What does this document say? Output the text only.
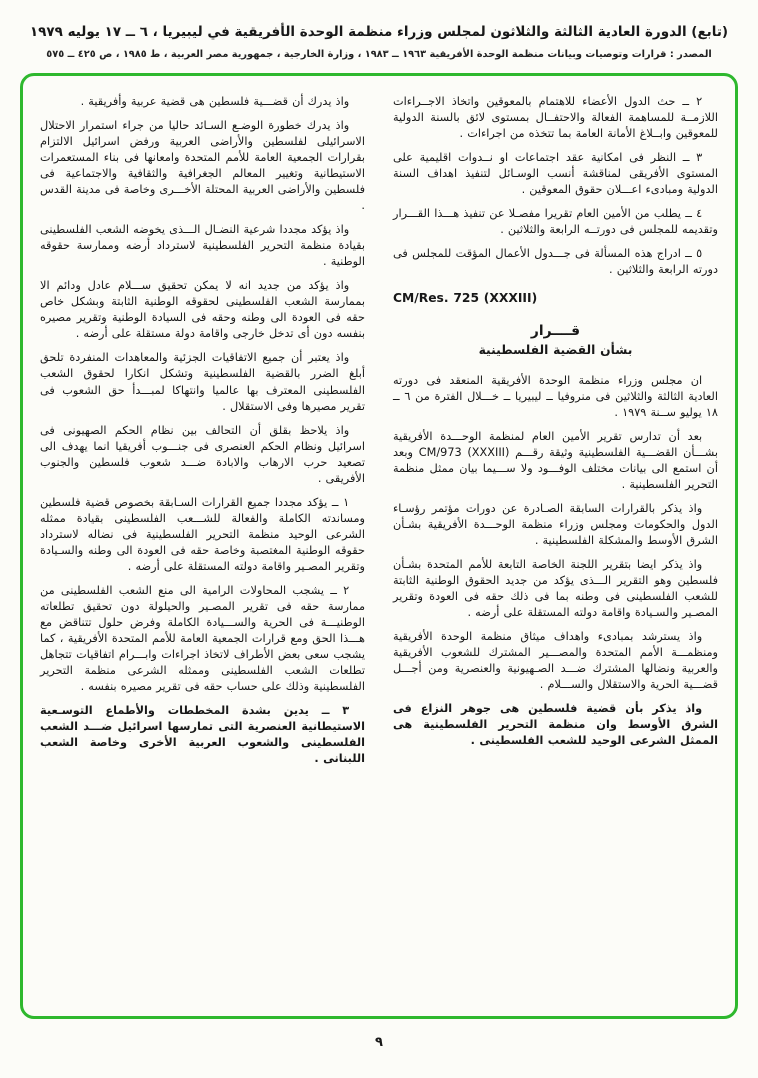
(تابع) الدورة العادية الثالثة والثلاثون لمجلس وزراء منظمة الوحدة الأفريقية في ليبيريا ، ٦ ــ ١٧ يوليه ١٩٧٩
المصدر : قرارات وتوصيات وبيانات منظمة الوحدة الأفريقية ١٩٦٣ ــ ١٩٨٣ ، وزارة الخارجية ، جمهورية مصر العربية ، ط ١٩٨٥ ، ص ٤٢٥ ــ ٥٧٥

٢ ــ حث الدول الأعضاء للاهتمام بالمعوقين واتخاذ الاجــراءات اللازمــة للمساهمة الفعالة والاحتفــال بمستوى لائق بالسنة الدولية للمعوقين وابــلاغ الأمانة العامة بما تتخذه من اجراءات .

٣ ــ النظر فى امكانية عقد اجتماعات او نــدوات اقليمية على المستوى الأفريقى لمناقشة أنسب الوسـائل لتنفيذ اهداف السنة الدولية ومبادىء اعـــلان حقوق المعوقين .

٤ ــ يطلب من الأمين العام تقريرا مفصـلا عن تنفيذ هـــذا القـــرار وتقديمه للمجلس فى دورتــه الرابعة والثلاثين .

٥ ــ ادراج هذه المسألة فى جـــدول الأعمال المؤقت للمجلس فى دورته الرابعة والثلاثين .

CM/Res. 725 (XXXIII)

قــــرار

بشأن القضية الفلسطينية

ان مجلس وزراء منظمة الوحدة الأفريقية المنعقد فى دورته العادية الثالثة والثلاثين فى منروفيا ــ ليبيريا ــ خـــلال الفترة من ٦ ــ ١٨ يوليو ســنة ١٩٧٩ .

بعد أن تدارس تقرير الأمين العام لمنظمة الوحـــدة الأفريقية بشـــأن القضـــية الفلسطينية وثيقة رقـــم CM/973 (XXXIII) وبعد أن استمع الى بيانات مختلف الوفـــود ولا ســـيما بيان ممثل منظمة التحرير الفلسطينية .

واذ يذكر بالقرارات السابقة الصـادرة عن دورات مؤتمر رؤسـاء الدول والحكومات ومجلس وزراء منظمة الوحـــدة الأفريقية بشـأن الشرق الأوسط والمشكلة الفلسطينية .

واذ يذكر ايضا بتقرير اللجنة الخاصة التابعة للأمم المتحدة بشـأن فلسطين وهو التقرير الـــذى يؤكد من جديد الحقوق الوطنية الثابتة للشعب الفلسطينى فى وطنه بما فى ذلك حقه فى العودة وتقرير المصـير والسـيادة واقامة دولته المستقلة على أرضه .

واذ يسترشد بمبادىء واهداف ميثاق منظمة الوحدة الأفريقية ومنظمـــة الأمم المتحدة والمصـــير المشترك للشعوب الأفريقية والعربية ونضالها المشترك ضـــد الصـهيونية والعنصرية ومن أجـــل قضـــية الحرية والاستقلال والســـلام .

واذ يذكر بأن قضية فلسطين هى جوهر النزاع فى الشرق الأوسط وان منظمة التحرير الفلسطينية هى الممثل الشرعى الوحيد للشعب الفلسطينى .

واذ يدرك أن قضـــية فلسطين هى قضية عربية وأفريقية .

واذ يدرك خطورة الوضـع السـائد حاليا من جراء استمرار الاحتلال الاسرائيلى لفلسطين والأراضى العربية ورفض اسرائيل الالتزام بقرارات الجمعية العامة للأمم المتحدة وامعانها فى بناء المستعمرات الاستيطانية وتغيير المعالم الجغرافية والثقافية والاجتماعية فى فلسطين والأراضى العربية المحتلة الأخـــرى وخاصة فى مدينة القدس .

واذ يؤكد مجددا شرعية النضـال الـــذى يخوضه الشعب الفلسطينى بقيادة منظمة التحرير الفلسطينية لاسترداد أرضه وممارسة حقوقه الوطنية .

واذ يؤكد من جديد انه لا يمكن تحقيق ســـلام عادل ودائم الا بممارسة الشعب الفلسطينى لحقوقه الوطنية الثابتة وبشكل خاص حقه فى العودة الى وطنه وحقه فى السيادة الوطنية وتقرير مصيره بنفسه دون أى تدخل خارجى واقامة دولة مستقلة على أرضه .

واذ يعتبر أن جميع الاتفاقيات الجزئية والمعاهدات المنفردة تلحق أبلغ الضرر بالقضية الفلسطينية وتشكل انكارا لحقوق الشعب الفلسطينى المعترف بها عالميا وانتهاكا لمبـــدأ حق الشعوب فى تقرير مصيرها وفى الاستقلال .

واذ يلاحظ بقلق أن التحالف بين نظام الحكم الصهيونى فى اسرائيل ونظام الحكم العنصرى فى جنـــوب أفريقيا انما يهدف الى تصعيد حرب الارهاب والابادة ضـــد شعوب فلسطين والجنوب الأفريقى .

١ ــ يؤكد مجددا جميع القرارات السـابقة بخصوص قضية فلسطين ومساندته الكاملة والفعالة للشـــعب الفلسطينى بقيادة ممثله الشرعى الوحيد منظمة التحرير الفلسطينية فى نضاله لاسترداد حقوقه الوطنية المغتصبة وخاصة حقه فى العودة الى وطنه والسـيادة وتقرير المصـير واقامة دولته المستقلة على أرضه .

٢ ــ يشجب المحاولات الرامية الى منع الشعب الفلسطينى من ممارسة حقه فى تقرير المصـير والحيلولة دون تحقيق تطلعاته الوطنيـــة فى الحرية والســـيادة الكاملة وفرض حلول تتناقض مع هـــذا الحق ومع قرارات الجمعية العامة للأمم المتحدة الأفريقية ، كما يشجب سعى بعض الأطراف لاتخاذ اجراءات وابـــرام اتفاقيات تتجاهل تطلعات الشعب الفلسطينى وممثله الشرعى منظمة التحرير الفلسطينية وذلك على حساب حقه فى تقرير مصيره بنفسه .

٣ ــ يدين بشدة المخططات والأطماع التوسـعية الاستيطانية العنصرية التى تمارسها اسرائيل ضـــد الشعب الفلسطينى والشعوب العربية الأخرى وخاصة الشعب اللبنانى .

٩
